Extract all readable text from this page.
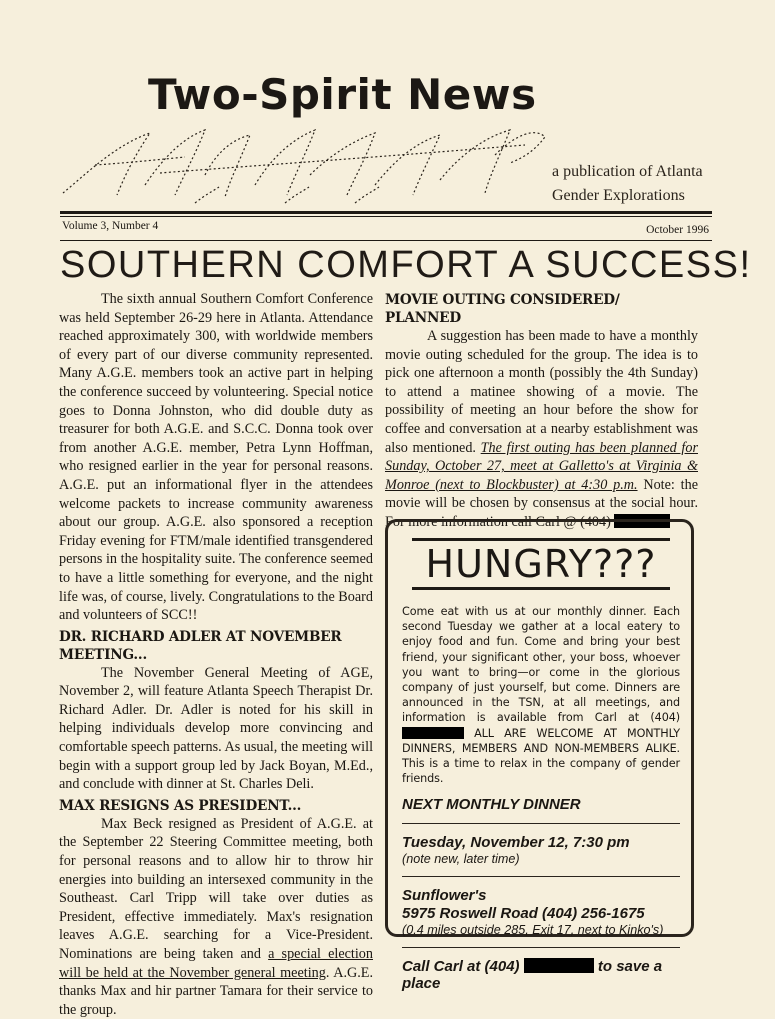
Two-Spirit News
a publication of Atlanta
Gender Explorations
Volume 3, Number 4	October 1996
SOUTHERN COMFORT A SUCCESS!

The sixth annual Southern Comfort Conference was held September 26-29 here in Atlanta. Attendance reached approximately 300, with worldwide members of every part of our diverse community represented. Many A.G.E. members took an active part in helping the conference succeed by volunteering. Special notice goes to Donna Johnston, who did double duty as treasurer for both A.G.E. and S.C.C. Donna took over from another A.G.E. member, Petra Lynn Hoffman, who resigned earlier in the year for personal reasons. A.G.E. put an informational flyer in the attendees welcome packets to increase community awareness about our group. A.G.E. also sponsored a reception Friday evening for FTM/male identified transgendered persons in the hospitality suite. The conference seemed to have a little something for everyone, and the night life was, of course, lively. Congratulations to the Board and volunteers of SCC!!

DR. RICHARD ADLER AT NOVEMBER MEETING...

The November General Meeting of AGE, November 2, will feature Atlanta Speech Therapist Dr. Richard Adler. Dr. Adler is noted for his skill in helping individuals develop more convincing and comfortable speech patterns. As usual, the meeting will begin with a support group led by Jack Boyan, M.Ed., and conclude with dinner at St. Charles Deli.

MAX RESIGNS AS PRESIDENT...

Max Beck resigned as President of A.G.E. at the September 22 Steering Committee meeting, both for personal reasons and to allow hir to throw hir energies into building an intersexed community in the Southeast. Carl Tripp will take over duties as President, effective immediately. Max's resignation leaves A.G.E. searching for a Vice-President. Nominations are being taken and a special election will be held at the November general meeting. A.G.E. thanks Max and hir partner Tamara for their service to the group.

MOVIE OUTING CONSIDERED/ PLANNED

A suggestion has been made to have a monthly movie outing scheduled for the group. The idea is to pick one afternoon a month (possibly the 4th Sunday) to attend a matinee showing of a movie. The possibility of meeting an hour before the show for coffee and conversation at a nearby establishment was also mentioned. The first outing has been planned for Sunday, October 27, meet at Galletto's at Virginia & Monroe (next to Blockbuster) at 4:30 p.m. Note: the movie will be chosen by consensus at the social hour. For more information call Carl @ (404)

HUNGRY???
Come eat with us at our monthly dinner. Each second Tuesday we gather at a local eatery to enjoy food and fun. Come and bring your best friend, your significant other, your boss, whoever you want to bring—or come in the glorious company of just yourself, but come. Dinners are announced in the TSN, at all meetings, and information is available from Carl at (404)  ALL ARE WELCOME AT MONTHLY DINNERS, MEMBERS AND NON-MEMBERS ALIKE. This is a time to relax in the company of gender friends.
NEXT MONTHLY DINNER
Tuesday, November 12, 7:30 pm
(note new, later time)
Sunflower's
5975 Roswell Road (404) 256-1675
(0.4 miles outside 285, Exit 17, next to Kinko's)
Call Carl at (404)	to save a place
